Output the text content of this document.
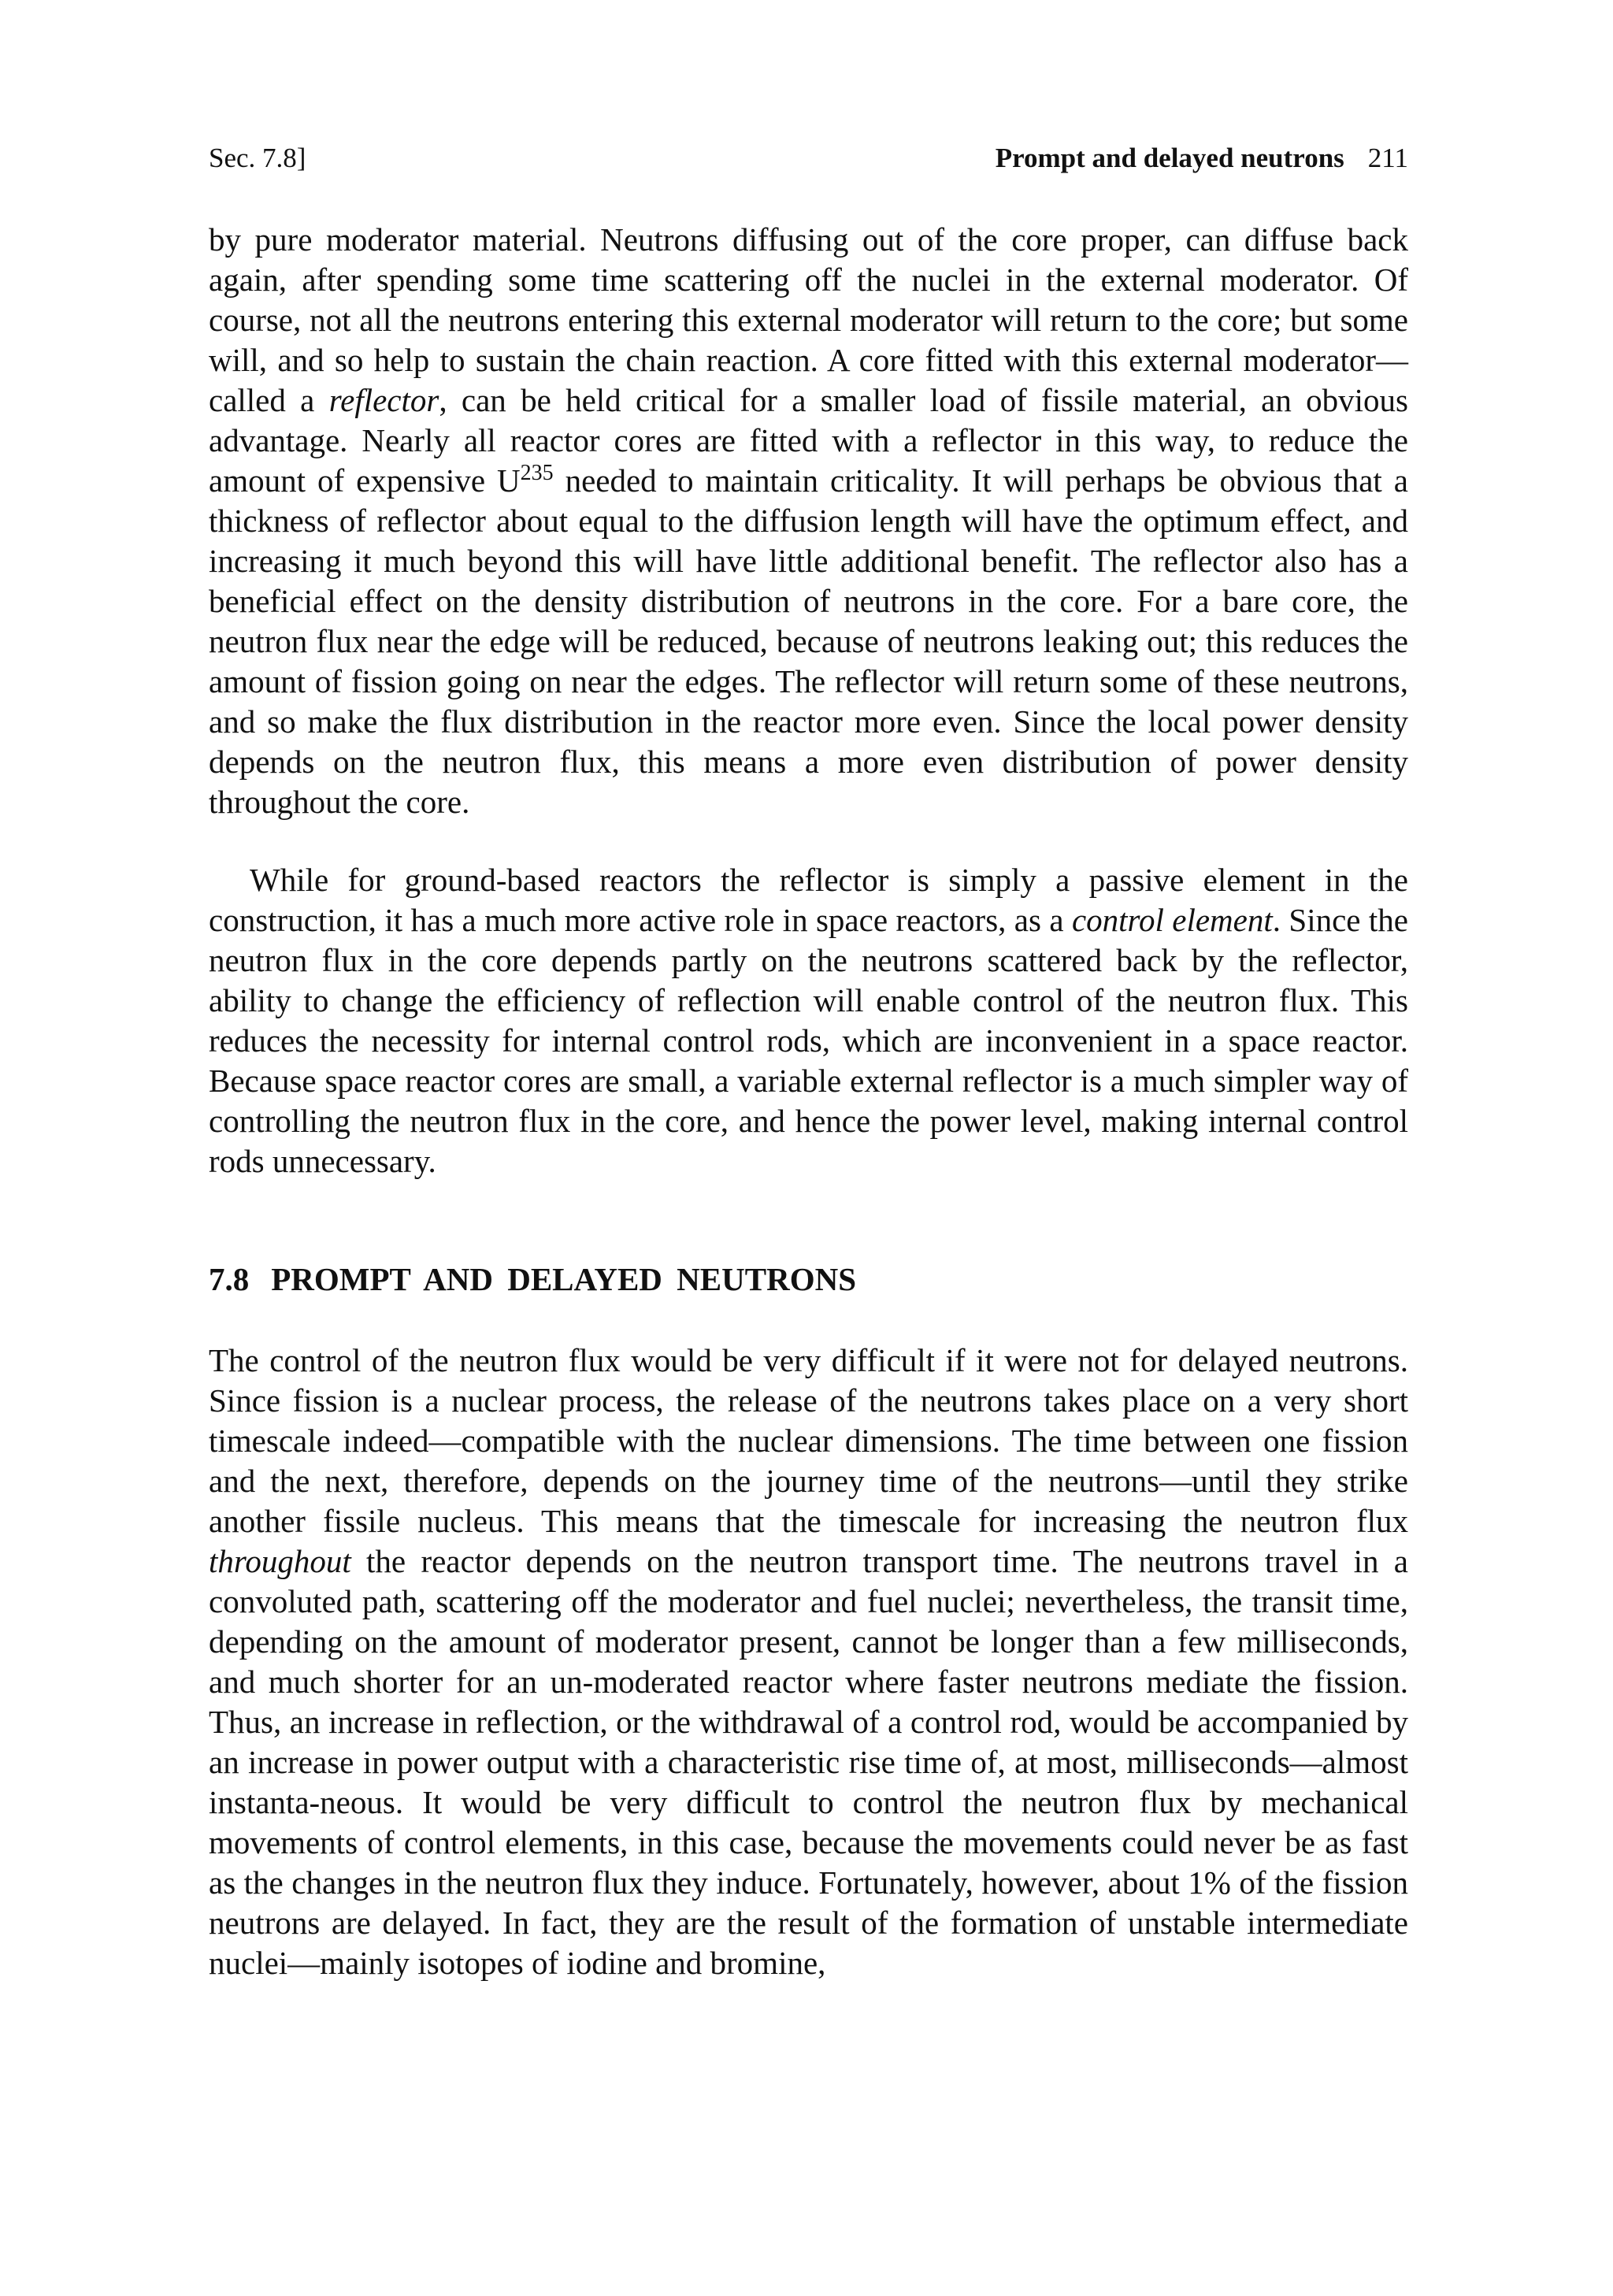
Sec. 7.8]	Prompt and delayed neutrons 211

by pure moderator material. Neutrons diffusing out of the core proper, can diffuse back again, after spending some time scattering off the nuclei in the external moderator. Of course, not all the neutrons entering this external moderator will return to the core; but some will, and so help to sustain the chain reaction. A core fitted with this external moderator—called a reflector, can be held critical for a smaller load of fissile material, an obvious advantage. Nearly all reactor cores are fitted with a reflector in this way, to reduce the amount of expensive $U^{235}$ needed to maintain criticality. It will perhaps be obvious that a thickness of reflector about equal to the diffusion length will have the optimum effect, and increasing it much beyond this will have little additional benefit. The reflector also has a beneficial effect on the density distribution of neutrons in the core. For a bare core, the neutron flux near the edge will be reduced, because of neutrons leaking out; this reduces the amount of fission going on near the edges. The reflector will return some of these neutrons, and so make the flux distribution in the reactor more even. Since the local power density depends on the neutron flux, this means a more even distribution of power density throughout the core.

While for ground-based reactors the reflector is simply a passive element in the construction, it has a much more active role in space reactors, as a control element. Since the neutron flux in the core depends partly on the neutrons scattered back by the reflector, ability to change the efficiency of reflection will enable control of the neutron flux. This reduces the necessity for internal control rods, which are inconvenient in a space reactor. Because space reactor cores are small, a variable external reflector is a much simpler way of controlling the neutron flux in the core, and hence the power level, making internal control rods unnecessary.

7.8 PROMPT AND DELAYED NEUTRONS

The control of the neutron flux would be very difficult if it were not for delayed neutrons. Since fission is a nuclear process, the release of the neutrons takes place on a very short timescale indeed—compatible with the nuclear dimensions. The time between one fission and the next, therefore, depends on the journey time of the neutrons—until they strike another fissile nucleus. This means that the timescale for increasing the neutron flux throughout the reactor depends on the neutron transport time. The neutrons travel in a convoluted path, scattering off the moderator and fuel nuclei; nevertheless, the transit time, depending on the amount of moderator present, cannot be longer than a few milliseconds, and much shorter for an un-moderated reactor where faster neutrons mediate the fission. Thus, an increase in reflection, or the withdrawal of a control rod, would be accompanied by an increase in power output with a characteristic rise time of, at most, milliseconds—almost instanta-neous. It would be very difficult to control the neutron flux by mechanical movements of control elements, in this case, because the movements could never be as fast as the changes in the neutron flux they induce. Fortunately, however, about 1% of the fission neutrons are delayed. In fact, they are the result of the formation of unstable intermediate nuclei—mainly isotopes of iodine and bromine,
